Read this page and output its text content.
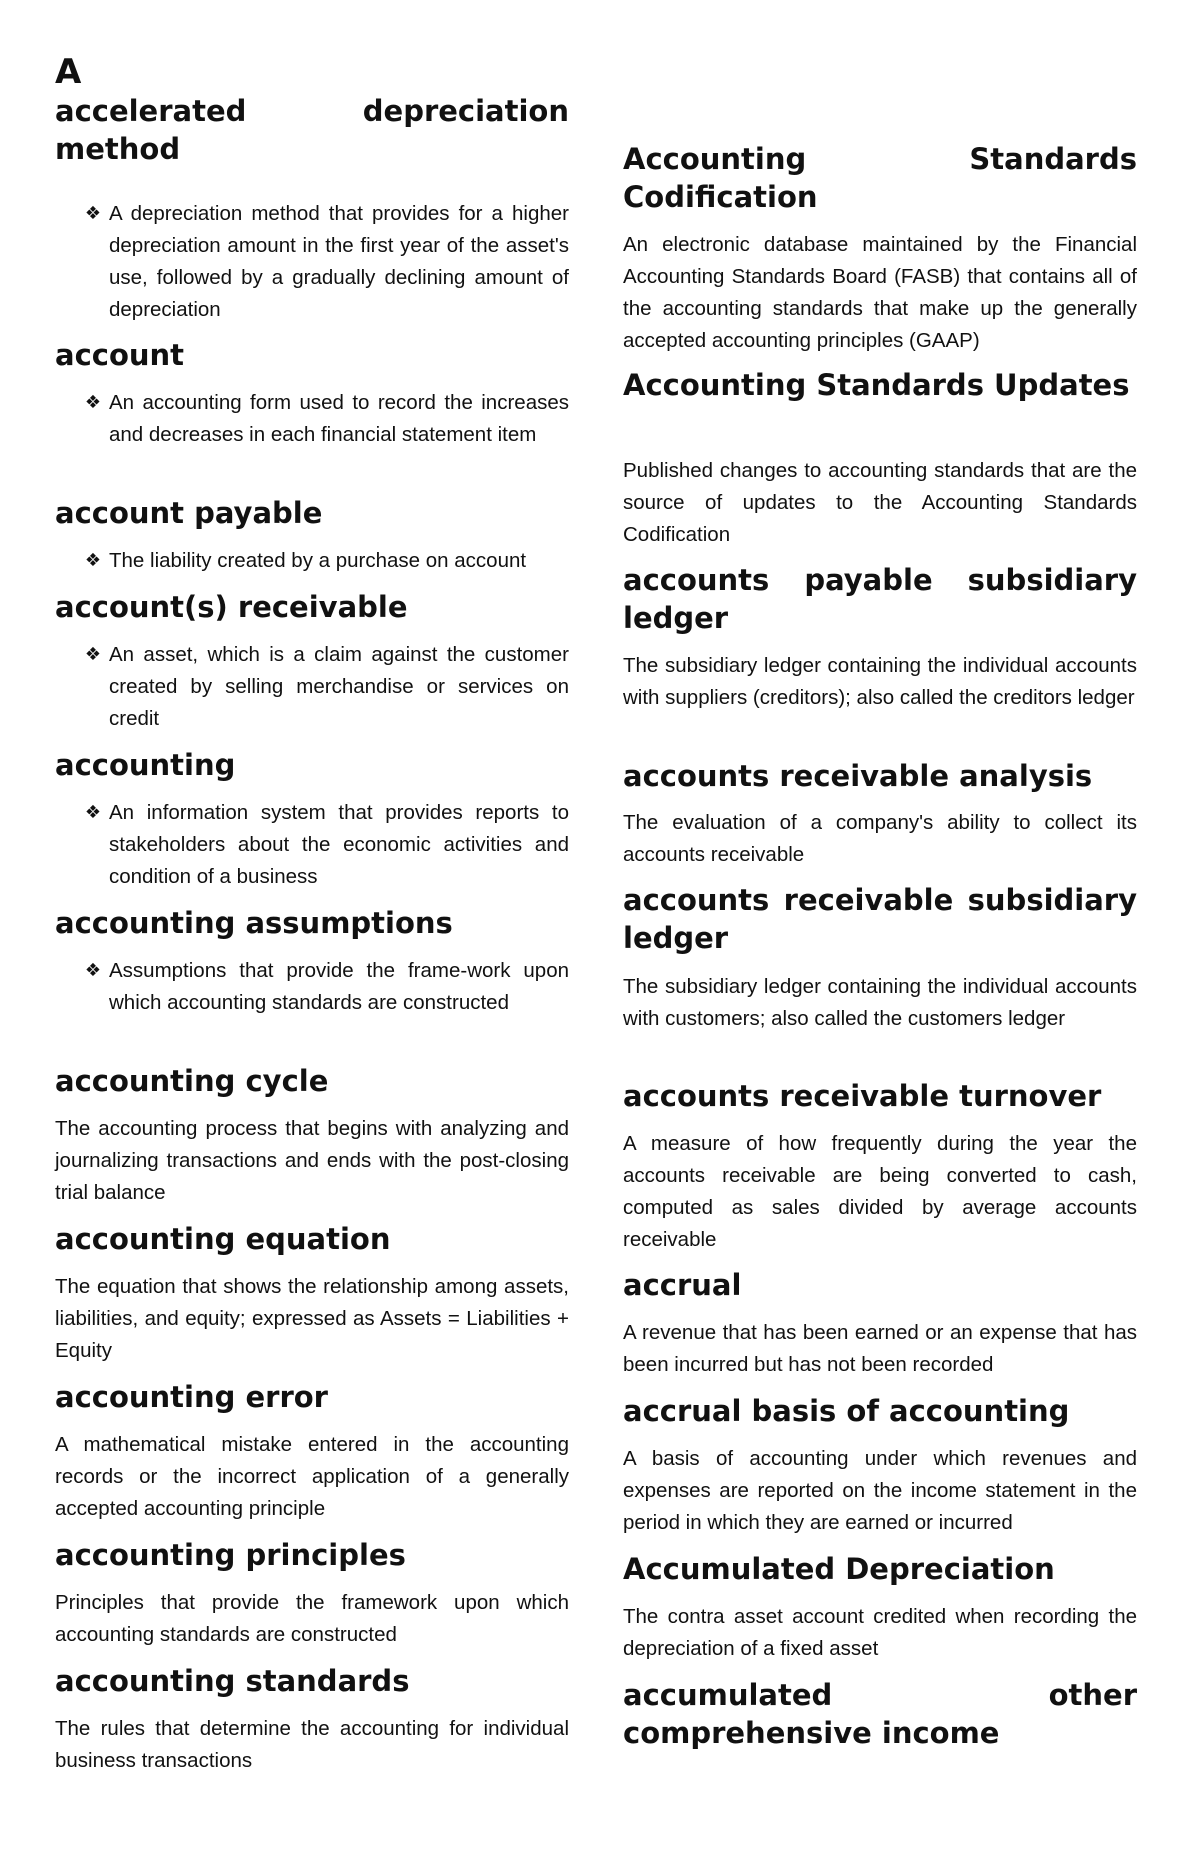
A
accelerated depreciation method
❖ A depreciation method that provides for a higher depreciation amount in the first year of the asset's use, followed by a gradually declining amount of depreciation

account
❖ An accounting form used to record the increases and decreases in each financial statement item

account payable
❖ The liability created by a purchase on account

account(s) receivable
❖ An asset, which is a claim against the customer created by selling merchandise or services on credit

accounting
❖ An information system that provides reports to stakeholders about the economic activities and condition of a business

accounting assumptions
❖ Assumptions that provide the frame-work upon which accounting standards are constructed

accounting cycle

The accounting process that begins with analyzing and journalizing transactions and ends with the post-closing trial balance

accounting equation

The equation that shows the relationship among assets, liabilities, and equity; expressed as Assets = Liabilities + Equity

accounting error

A mathematical mistake entered in the accounting records or the incorrect application of a generally accepted accounting principle

accounting principles

Principles that provide the framework upon which accounting standards are constructed

accounting standards

The rules that determine the accounting for individual business transactions

Accounting Standards Codification

An electronic database maintained by the Financial Accounting Standards Board (FASB) that contains all of the accounting standards that make up the generally accepted accounting principles (GAAP)

Accounting Standards Updates

Published changes to accounting standards that are the source of updates to the Accounting Standards Codification

accounts payable subsidiary ledger

The subsidiary ledger containing the individual accounts with suppliers (creditors); also called the creditors ledger

accounts receivable analysis

The evaluation of a company's ability to collect its accounts receivable

accounts receivable subsidiary ledger

The subsidiary ledger containing the individual accounts with customers; also called the customers ledger

accounts receivable turnover

A measure of how frequently during the year the accounts receivable are being converted to cash, computed as sales divided by average accounts receivable

accrual

A revenue that has been earned or an expense that has been incurred but has not been recorded

accrual basis of accounting

A basis of accounting under which revenues and expenses are reported on the income statement in the period in which they are earned or incurred

Accumulated Depreciation

The contra asset account credited when recording the depreciation of a fixed asset

accumulated other comprehensive income
